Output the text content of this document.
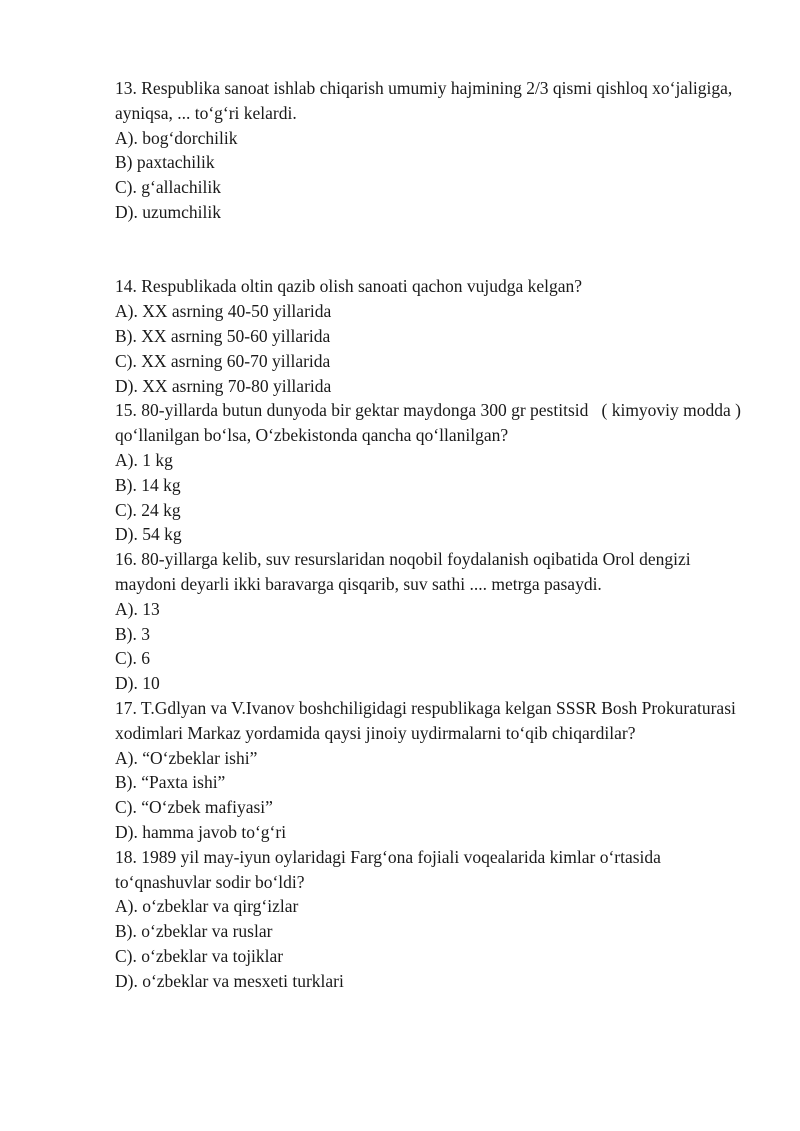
13. Respublika sanoat ishlab chiqarish umumiy hajmining 2/3 qismi qishloq xo‘jaligiga, ayniqsa, ... to‘g‘ri kelardi.

A). bog‘dorchilik

B) paxtachilik

C). g‘allachilik

D). uzumchilik

14. Respublikada oltin qazib olish sanoati qachon vujudga kelgan?

A). XX asrning 40-50 yillarida

B). XX asrning 50-60 yillarida

C). XX asrning 60-70 yillarida

D). XX asrning 70-80 yillarida

15. 80-yillarda butun dunyoda bir gektar maydonga 300 gr pestitsid   ( kimyoviy modda ) qo‘llanilgan bo‘lsa, O‘zbekistonda qancha qo‘llanilgan?

A). 1 kg

B). 14 kg

C). 24 kg

D). 54 kg

16. 80-yillarga kelib, suv resurslaridan noqobil foydalanish oqibatida Orol dengizi maydoni deyarli ikki baravarga qisqarib, suv sathi .... metrga pasaydi.

A). 13

B). 3

C). 6

D). 10

17. T.Gdlyan va V.Ivanov boshchiligidagi respublikaga kelgan SSSR Bosh Prokuraturasi xodimlari Markaz yordamida qaysi jinoiy uydirmalarni to‘qib chiqardilar?

A). “O‘zbeklar ishi”

B). “Paxta ishi”

C). “O‘zbek mafiyasi”

D). hamma javob to‘g‘ri

18. 1989 yil may-iyun oylaridagi Farg‘ona fojiali voqealarida kimlar o‘rtasida to‘qnashuvlar sodir bo‘ldi?

A). o‘zbeklar va qirg‘izlar

B). o‘zbeklar va ruslar

C). o‘zbeklar va tojiklar

D). o‘zbeklar va mesxeti turklari
